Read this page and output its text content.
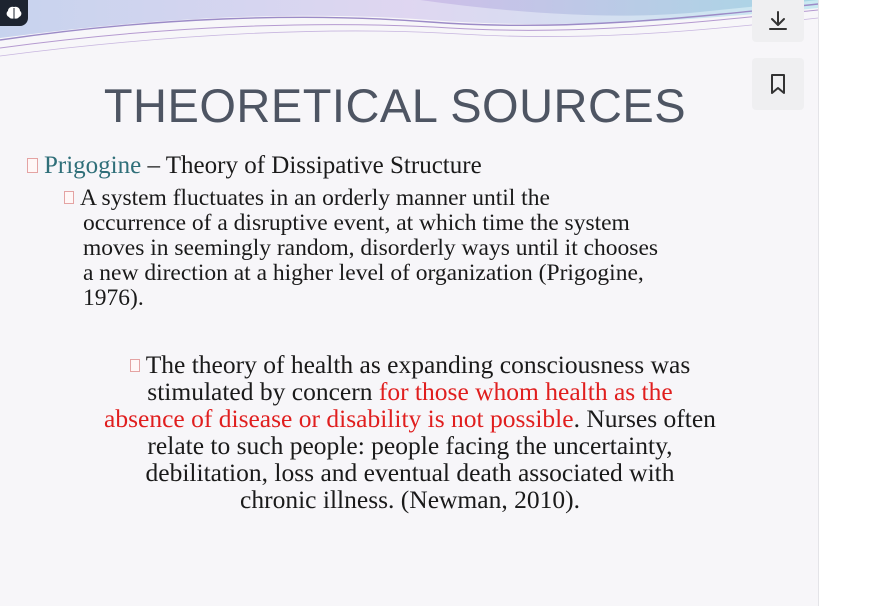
THEORETICAL SOURCES
Prigogine – Theory of Dissipative Structure
A system fluctuates in an orderly manner until the
occurrence of a disruptive event, at which time the system
moves in seemingly random, disorderly ways until it chooses
a new direction at a higher level of organization (Prigogine,
1976).
The theory of health as expanding consciousness was
stimulated by concern for those whom health as the
absence of disease or disability is not possible. Nurses often
relate to such people: people facing the uncertainty,
debilitation, loss and eventual death associated with
chronic illness. (Newman, 2010).
